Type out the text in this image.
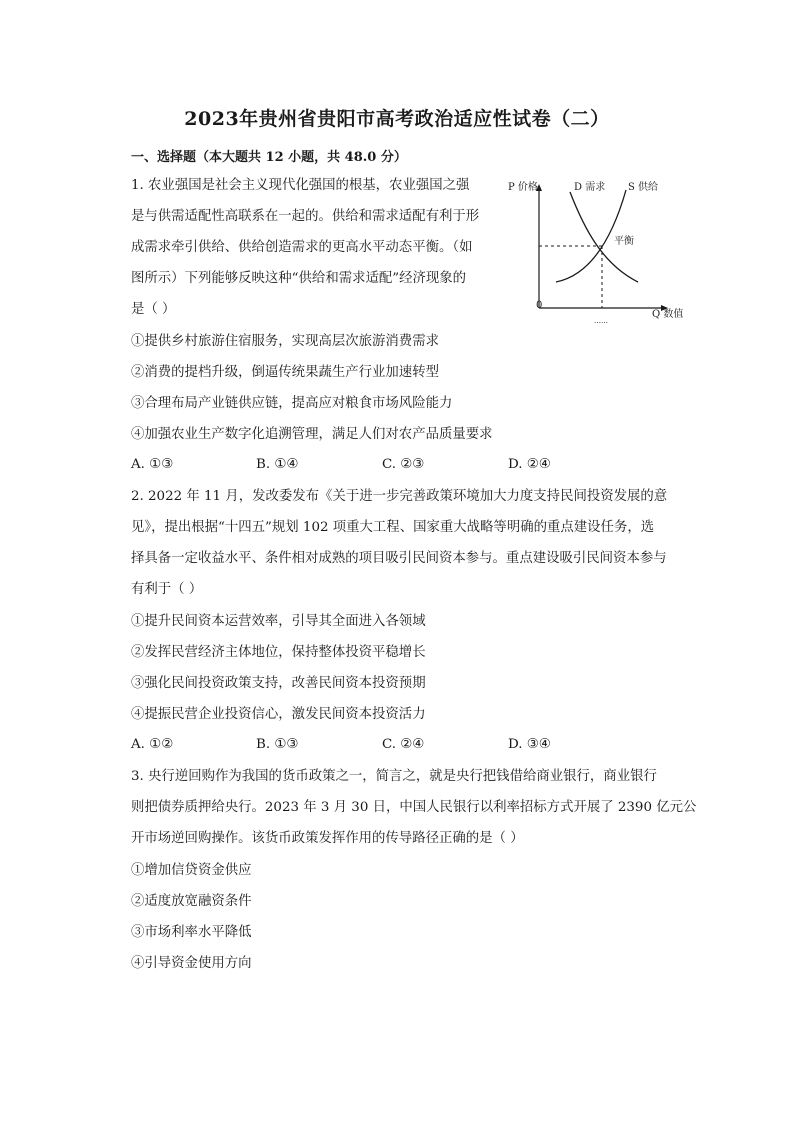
2023年贵州省贵阳市高考政治适应性试卷（二）
一、选择题（本大题共 12 小题，共 48.0 分）
1. 农业强国是社会主义现代化强国的根基，农业强国之强
是与供需适配性高联系在一起的。供给和需求适配有利于形
成需求牵引供给、供给创造需求的更高水平动态平衡。（如
图所示）下列能够反映这种“供给和需求适配”经济现象的
是（ ）
①提供乡村旅游住宿服务，实现高层次旅游消费需求
②消费的提档升级，倒逼传统果蔬生产行业加速转型
③合理布局产业链供应链，提高应对粮食市场风险能力
④加强农业生产数字化追溯管理，满足人们对农产品质量要求
A. ①③	B. ①④	C. ②③	D. ②④
P 价格	D 需求 S 供给
平衡
0
Q 数值
……
2. 2022 年 11 月，发改委发布《关于进一步完善政策环境加大力度支持民间投资发展的意
见》，提出根据“十四五”规划 102 项重大工程、国家重大战略等明确的重点建设任务，选
择具备一定收益水平、条件相对成熟的项目吸引民间资本参与。重点建设吸引民间资本参与
有利于（ ）
①提升民间资本运营效率，引导其全面进入各领域
②发挥民营经济主体地位，保持整体投资平稳增长
③强化民间投资政策支持，改善民间资本投资预期
④提振民营企业投资信心，激发民间资本投资活力
A. ①②	B. ①③	C. ②④	D. ③④
3. 央行逆回购作为我国的货币政策之一，简言之，就是央行把钱借给商业银行，商业银行
则把债券质押给央行。2023 年 3 月 30 日，中国人民银行以利率招标方式开展了 2390 亿元公
开市场逆回购操作。该货币政策发挥作用的传导路径正确的是（ ）
①增加信贷资金供应
②适度放宽融资条件
③市场利率水平降低
④引导资金使用方向
